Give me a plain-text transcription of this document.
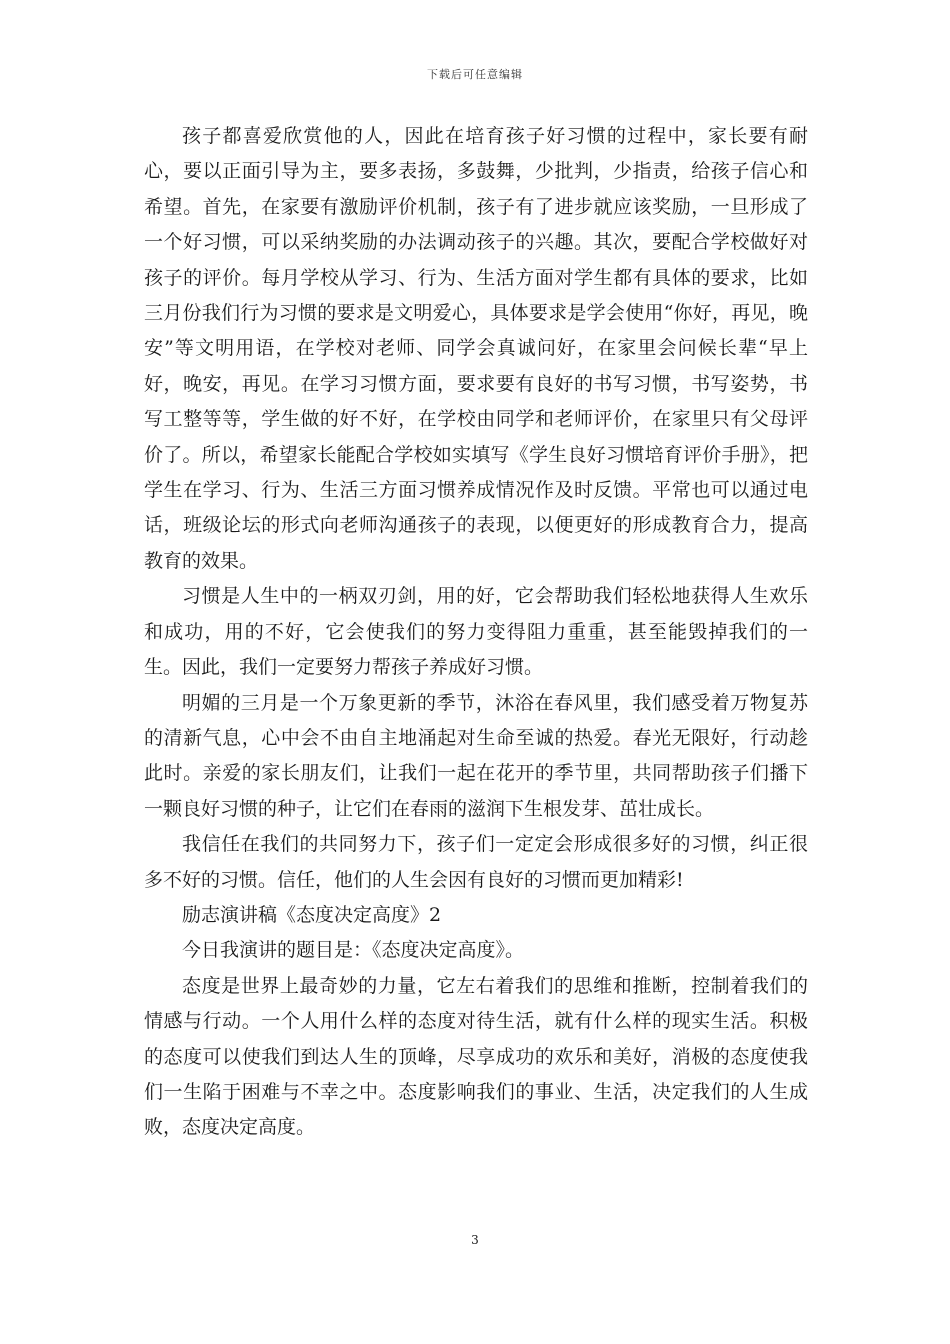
下载后可任意编辑

孩子都喜爱欣赏他的人，因此在培育孩子好习惯的过程中，家长要有耐心，要以正面引导为主，要多表扬，多鼓舞，少批判，少指责，给孩子信心和希望。首先，在家要有激励评价机制，孩子有了进步就应该奖励，一旦形成了一个好习惯，可以采纳奖励的办法调动孩子的兴趣。其次，要配合学校做好对孩子的评价。每月学校从学习、行为、生活方面对学生都有具体的要求，比如三月份我们行为习惯的要求是文明爱心，具体要求是学会使用“你好，再见，晚安”等文明用语，在学校对老师、同学会真诚问好，在家里会问候长辈“早上好，晚安，再见。在学习习惯方面，要求要有良好的书写习惯，书写姿势，书写工整等等，学生做的好不好，在学校由同学和老师评价，在家里只有父母评价了。所以，希望家长能配合学校如实填写《学生良好习惯培育评价手册》，把学生在学习、行为、生活三方面习惯养成情况作及时反馈。平常也可以通过电话，班级论坛的形式向老师沟通孩子的表现，以便更好的形成教育合力，提高教育的效果。

习惯是人生中的一柄双刃剑，用的好，它会帮助我们轻松地获得人生欢乐和成功，用的不好，它会使我们的努力变得阻力重重，甚至能毁掉我们的一生。因此，我们一定要努力帮孩子养成好习惯。

明媚的三月是一个万象更新的季节，沐浴在春风里，我们感受着万物复苏的清新气息，心中会不由自主地涌起对生命至诚的热爱。春光无限好，行动趁此时。亲爱的家长朋友们，让我们一起在花开的季节里，共同帮助孩子们播下一颗良好习惯的种子，让它们在春雨的滋润下生根发芽、茁壮成长。

我信任在我们的共同努力下，孩子们一定定会形成很多好的习惯，纠正很多不好的习惯。信任，他们的人生会因有良好的习惯而更加精彩!

励志演讲稿《态度决定高度》2

今日我演讲的题目是：《态度决定高度》。

态度是世界上最奇妙的力量，它左右着我们的思维和推断，控制着我们的情感与行动。一个人用什么样的态度对待生活，就有什么样的现实生活。积极的态度可以使我们到达人生的顶峰，尽享成功的欢乐和美好，消极的态度使我们一生陷于困难与不幸之中。态度影响我们的事业、生活，决定我们的人生成败，态度决定高度。

3
